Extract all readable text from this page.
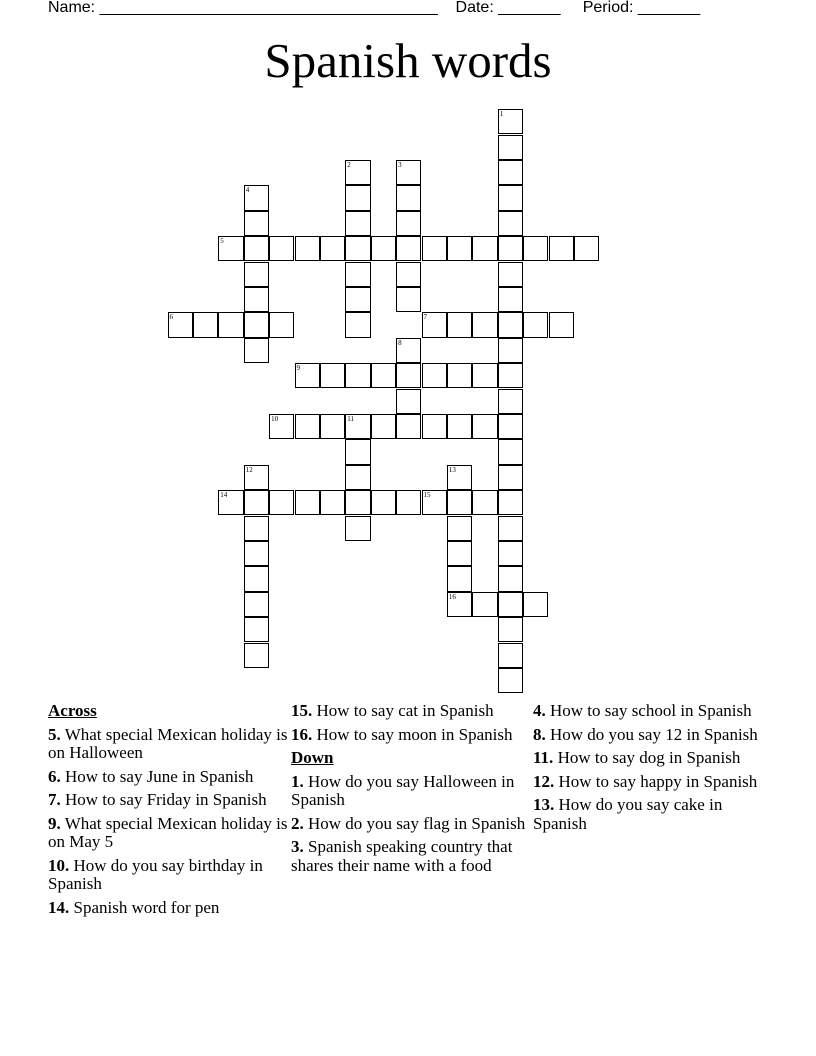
Name: ______________________________________ Date: _______ Period: _______
Spanish words
1
2	3
4
5
6	7
8
9
10	11
12	13
14	15
16
Across
5. What special Mexican holiday is on Halloween
6. How to say June in Spanish
7. How to say Friday in Spanish
9. What special Mexican holiday is on May 5
10. How do you say birthday in Spanish
14. Spanish word for pen
15. How to say cat in Spanish
16. How to say moon in Spanish
Down
1. How do you say Halloween in Spanish
2. How do you say flag in Spanish
3. Spanish speaking country that shares their name with a food
4. How to say school in Spanish
8. How do you say 12 in Spanish
11. How to say dog in Spanish
12. How to say happy in Spanish
13. How do you say cake in Spanish
